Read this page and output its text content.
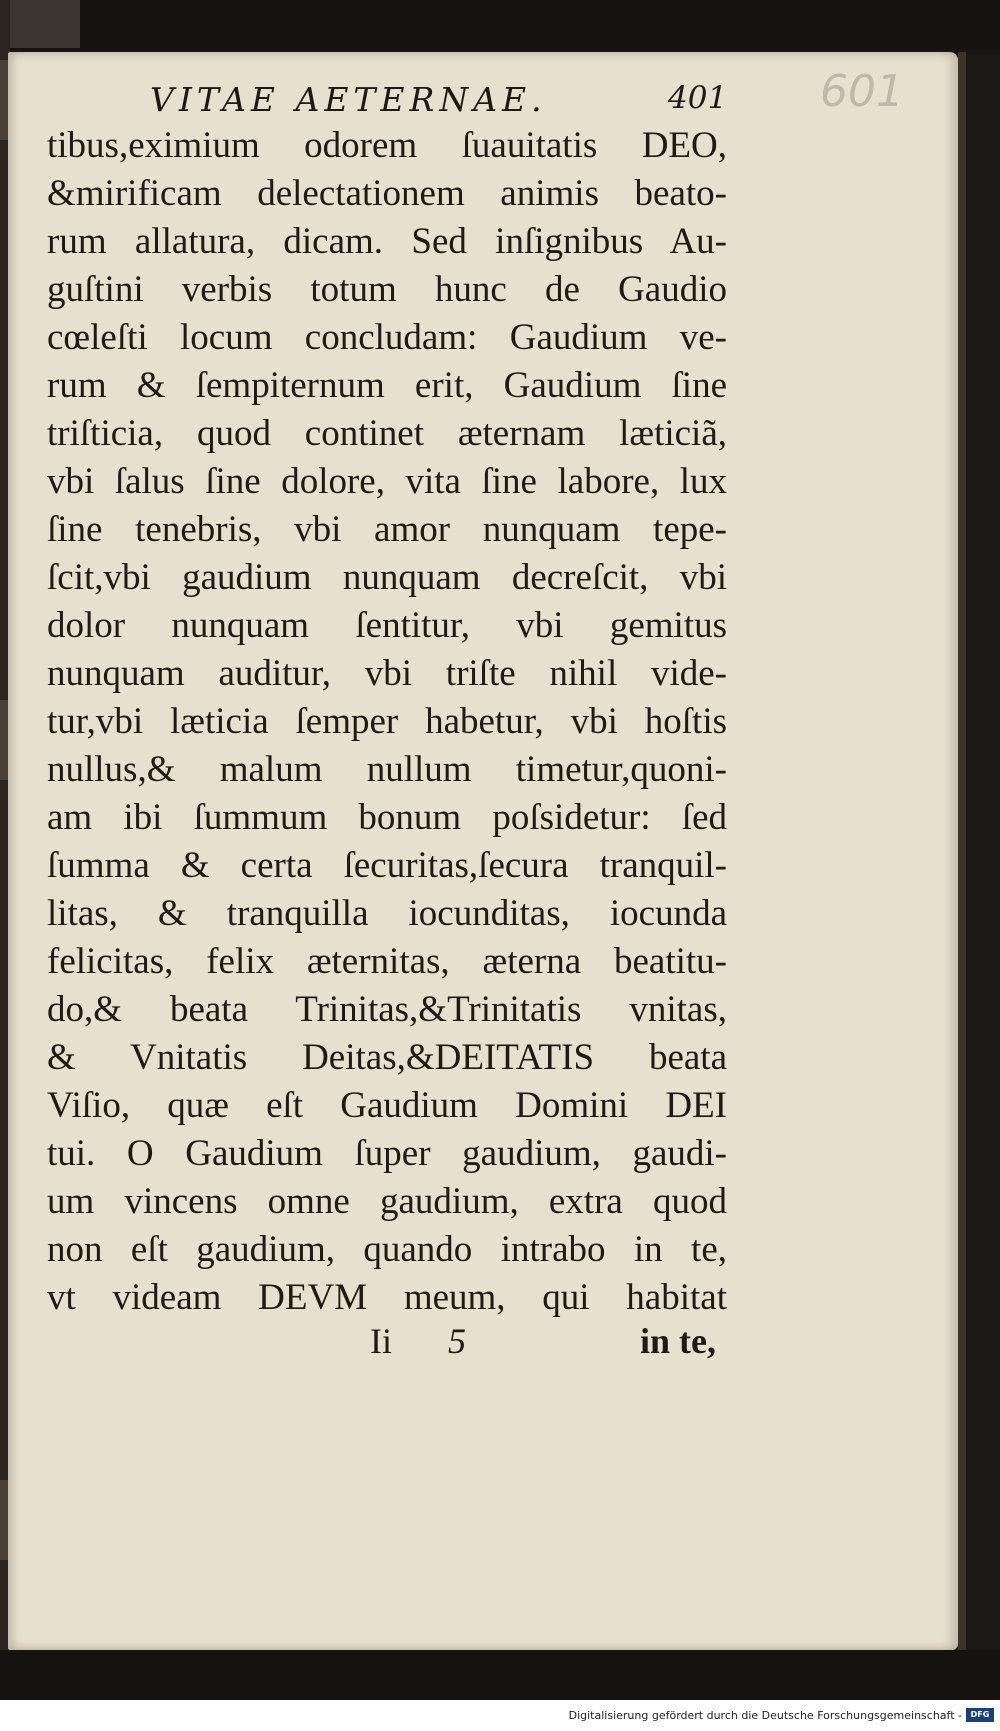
VITAE AETERNAE.	401 601
tibus,eximium odorem ſuauitatis DEO,
&mirificam delectationem animis beato-
rum allatura, dicam. Sed inſignibus Au-
guſtini verbis totum hunc de Gaudio
cœleſti locum concludam: Gaudium ve-
rum & ſempiternum erit, Gaudium ſine
triſticia, quod continet æternam læticiã,
vbi ſalus ſine dolore, vita ſine labore, lux
ſine tenebris, vbi amor nunquam tepe-
ſcit,vbi gaudium nunquam decreſcit, vbi
dolor nunquam ſentitur, vbi gemitus
nunquam auditur, vbi triſte nihil vide-
tur,vbi læticia ſemper habetur, vbi hoſtis
nullus,& malum nullum timetur,quoni-
am ibi ſummum bonum poſsidetur: ſed
ſumma & certa ſecuritas,ſecura tranquil-
litas, & tranquilla iocunditas, iocunda
felicitas, felix æternitas, æterna beatitu-
do,& beata Trinitas,&Trinitatis vnitas,
& Vnitatis Deitas,&DEITATIS beata
Viſio, quæ eſt Gaudium Domini DEI
tui. O Gaudium ſuper gaudium, gaudi-
um vincens omne gaudium, extra quod
non eſt gaudium, quando intrabo in te,
vt videam DEVM meum, qui habitat
Ii 5	in te,
Digitalisierung gefördert durch die Deutsche Forschungsgemeinschaft -	DFG
